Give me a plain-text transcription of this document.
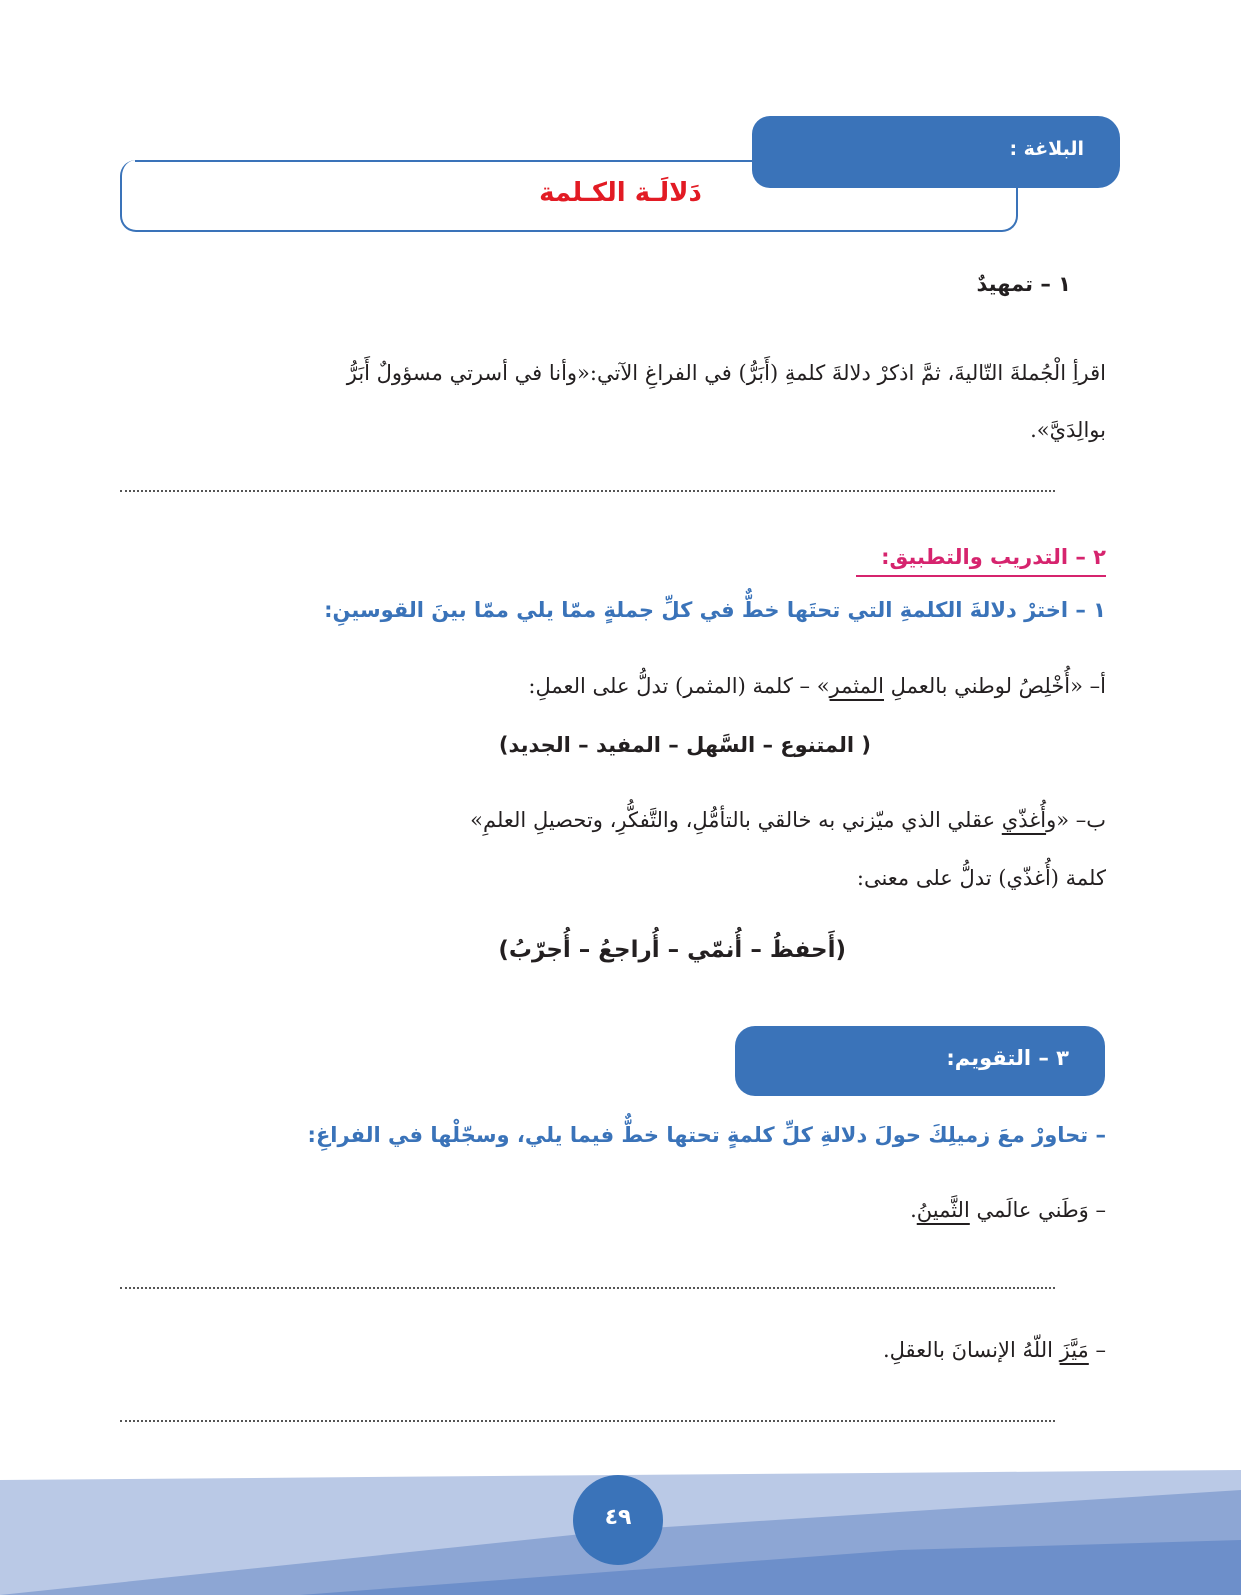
البلاغة :
دَلالَـة الكـلمة
١ – تمهيدٌ
اقرأِ الْجُملةَ التّاليةَ، ثمَّ اذكرْ دلالةَ كلمةِ (أَبَرُّ) في الفراغِ الآتي:«وأنا في أسرتي مسؤولٌ أَبَرُّ
بوالِدَيَّ».
٢ – التدريب والتطبيق:
١ – اخترْ دلالةَ الكلمةِ التي تحتَها خطٌّ في كلِّ جملةٍ ممّا يلي ممّا بينَ القوسينِ:
أ– «أُخْلِصُ لوطني بالعملِ المثمر» – كلمة (المثمر) تدلُّ على العملِ:
( المتنوع – السَّهل – المفيد – الجديد)
ب– «وأُغذّي عقلي الذي ميّزني به خالقي بالتأمُّلِ، والتَّفكُّرِ، وتحصيلِ العلمِ»
كلمة (أُغذّي) تدلُّ على معنى:
(أَحفظُ – أُنمّي – أُراجعُ – أُجرّبُ)
٣ – التقويم:
– تحاورْ معَ زميلِكَ حولَ دلالةِ كلِّ كلمةٍ تحتها خطٌّ فيما يلي، وسجّلْها في الفراغِ:
– وَطَني عالَمي الثَّمينُ.
– مَيَّزَ اللّهُ الإنسانَ بالعقلِ.
٤٩
